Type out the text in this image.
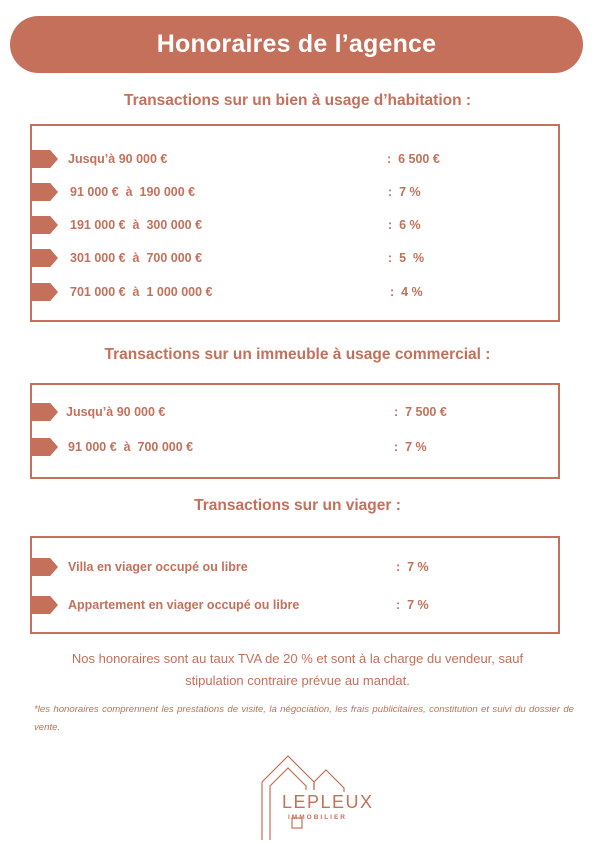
Honoraires de l’agence
Transactions sur un bien à usage d’habitation :
Jusqu’à 90 000 €	:  6 500 €
91 000 €  à  190 000 €	:  7 %
191 000 €  à  300 000 €	:  6 %
301 000 €  à  700 000 €	:  5  %
701 000 €  à  1 000 000 €	:  4 %
Transactions sur un immeuble à usage commercial :
Jusqu’à 90 000 €	:  7 500 €
91 000 €  à  700 000 €	:  7 %
Transactions sur un viager :
Villa en viager occupé ou libre	:  7 %
Appartement en viager occupé ou libre	:  7 %
Nos honoraires sont au taux TVA de 20 % et sont à la charge du vendeur, sauf
stipulation contraire prévue au mandat.
*les honoraires comprennent les prestations de visite, la négociation, les frais publicitaires, constitution et suivi du dossier de vente.
LEPLEUX
IMMOBILIER
